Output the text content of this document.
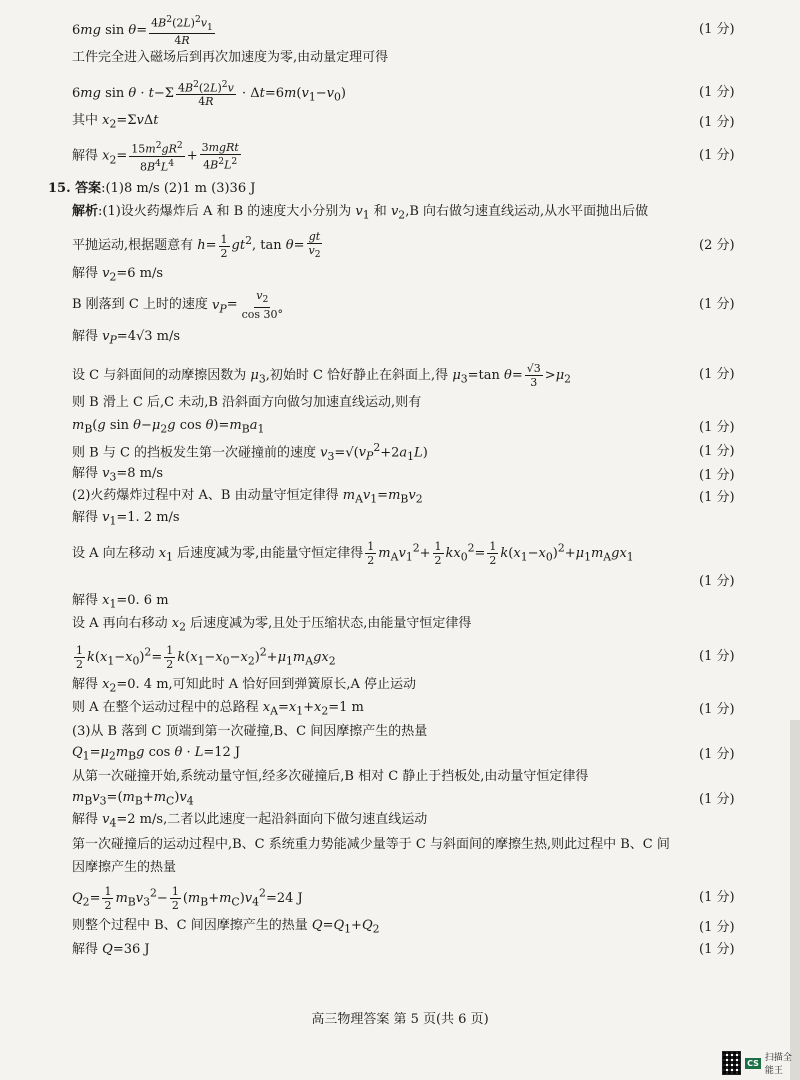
6mg $\sin \theta= \frac{4B^2(2L)^2v_1}{4R}$	(1 分)
工件完全进入磁场后到再次加速度为零,由动量定理可得
6mg $\sin \theta \cdot t-\Sigma \frac{4B^2(2L)^2v}{4R} \cdot \Delta t=6m(v_1-v_0)$	(1 分)
其中 $x_2=\Sigma v\Delta t$	(1 分)
解得 $x_2= \frac{15m^2gR^2}{8B^4L^4} + \frac{\text{3mgRt}}{4B^2L^2}$	(1 分)
15. 答案:(1)8 m/s (2)1 m (3)36 J
解析:(1)设火药爆炸后 A 和 B 的速度大小分别为 $v_1$ 和 $v_2,B$ 向右做匀速直线运动,从水平面抛出后做
平抛运动,根据题意有 $h= \frac{1}{2} gt^2$, $\tan \theta= \frac{gt}{v_2}$	(2 分)
解得 $v_2=6$ m/s
B 刚落到 C 上时的速度 $v_P= \frac{v_2}{\cos 30^\circ}$	(1 分)
解得 $v_P=4√3$ m/s
设 C 与斜面间的动摩擦因数为 $\mu_3$,初始时 C 恰好静止在斜面上,得 $\mu_3=\tan$ $\theta= \frac{√3}{3} >\mu_2$	(1 分)
则 B 滑上 C 后,C 未动,B 沿斜面方向做匀加速直线运动,则有
$m_B(g$ $\sin \theta-\mu_2g$ $\cos \theta)=m_Ba_1$	(1 分)
则 B 与 C 的挡板发生第一次碰撞前的速度 $v_3=√(v_P^2+2a_1L)$	(1 分)
解得 $v_3=8$ m/s	(1 分)
(2)火药爆炸过程中对 A、B 由动量守恒定律得 $m_Av_1=m_Bv_2$	(1 分)
解得 $v_1=1$. 2 m/s
设 A 向左移动 $x_1$ 后速度减为零,由能量守恒定律得 $\frac{1}{2} m_Av_1^2+ \frac{1}{2} kx_0^2= \frac{1}{2} k(x_1-x_0)^2+\mu_1m_Agx_1$
(1 分)
解得 $x_1=0$. 6 m
设 A 再向右移动 $x_2$ 后速度减为零,且处于压缩状态,由能量守恒定律得
$\frac{1}{2} k(x_1-x_0)^2= \frac{1}{2} k(x_1-x_0-x_2)^2+\mu_1m_Agx_2$	(1 分)
解得 $x_2=0$. 4 m,可知此时 A 恰好回到弹簧原长,A 停止运动
则 A 在整个运动过程中的总路程 $x_A=x_1+x_2=1$ m	(1 分)
(3)从 B 落到 C 顶端到第一次碰撞,B、C 间因摩擦产生的热量
$Q_1=\mu_2m_Bg$ cos θ · L=12 J	(1 分)
从第一次碰撞开始,系统动量守恒,经多次碰撞后,B 相对 C 静止于挡板处,由动量守恒定律得
$m_Bv_3=(m_B+m_C)v_4$	(1 分)
解得 $v_4=2$ m/s,二者以此速度一起沿斜面向下做匀速直线运动
第一次碰撞后的运动过程中,B、C 系统重力势能减少量等于 C 与斜面间的摩擦生热,则此过程中 B、C 间
因摩擦产生的热量
$Q_2= \frac{1}{2} m_Bv_3^2- \frac{1}{2} (m_B+m_C)v_4^2=24$ J	(1 分)
则整个过程中 B、C 间因摩擦产生的热量 $Q=Q_1+Q_2$	(1 分)
解得 Q=36 J	(1 分)
高三物理答案 第 5 页(共 6 页)
CS 扫描全能王
